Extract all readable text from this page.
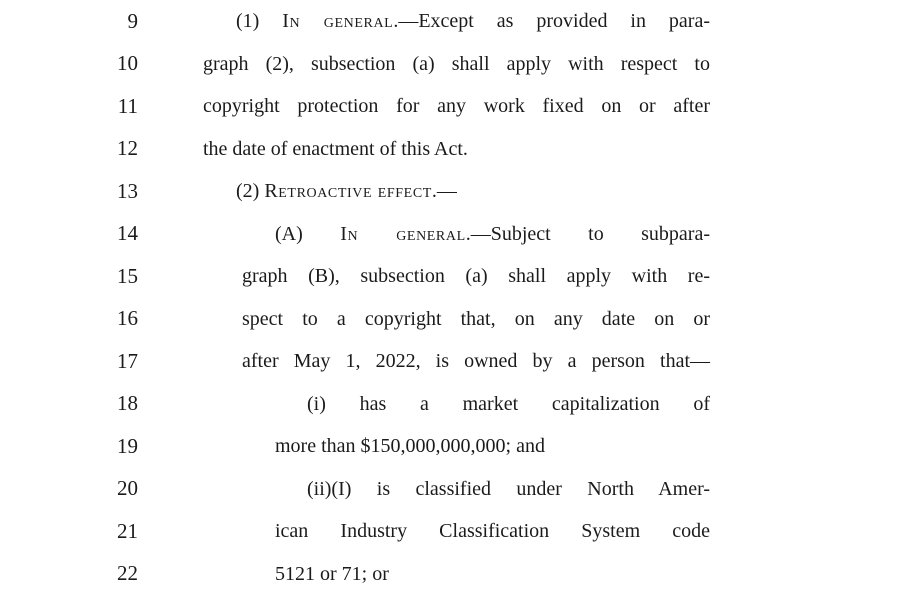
9	(1) In general.—Except as provided in para-

10	graph (2), subsection (a) shall apply with respect to

11	copyright protection for any work fixed on or after

12	the date of enactment of this Act.

13	(2) Retroactive effect.—

14	(A) In general.—Subject to subpara-

15	graph (B), subsection (a) shall apply with re-

16	spect to a copyright that, on any date on or

17	after May 1, 2022, is owned by a person that—

18	(i) has a market capitalization of

19	more than $150,000,000,000; and

20	(ii)(I) is classified under North Amer-

21	ican Industry Classification System code

22	5121 or 71; or
